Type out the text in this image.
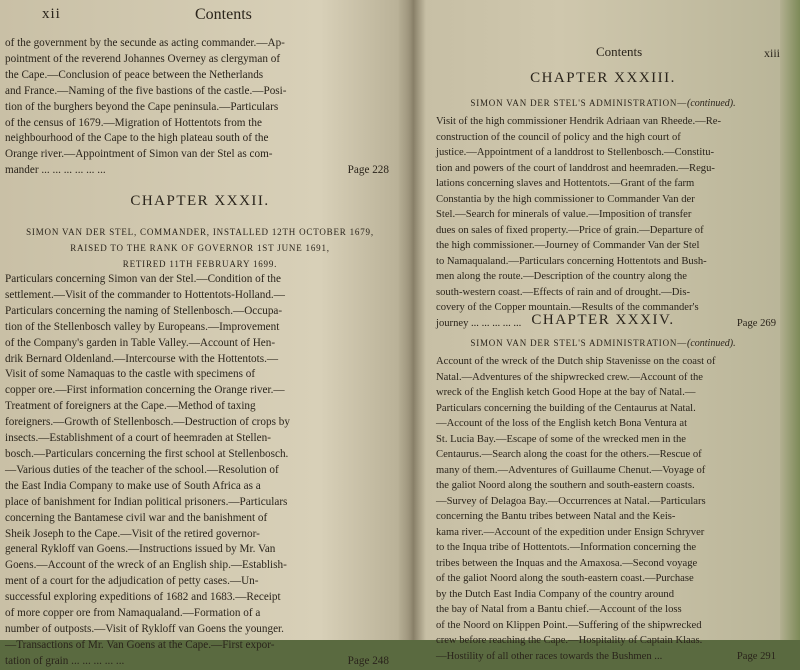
xii	Contents
of the government by the secunde as acting commander.—Ap-
pointment of the reverend Johannes Overney as clergyman of
the Cape.—Conclusion of peace between the Netherlands
and France.—Naming of the five bastions of the castle.—Posi-
tion of the burghers beyond the Cape peninsula.—Particulars
of the census of 1679.—Migration of Hottentots from the
neighbourhood of the Cape to the high plateau south of the
Orange river.—Appointment of Simon van der Stel as com-
Page 228
mander ... ... ... ... ... ...
CHAPTER XXXII.
SIMON VAN DER STEL, COMMANDER, INSTALLED 12TH OCTOBER 1679,
RAISED TO THE RANK OF GOVERNOR 1ST JUNE 1691,
RETIRED 11TH FEBRUARY 1699.
Particulars concerning Simon van der Stel.—Condition of the
settlement.—Visit of the commander to Hottentots-Holland.—
Particulars concerning the naming of Stellenbosch.—Occupa-
tion of the Stellenbosch valley by Europeans.—Improvement
of the Company's garden in Table Valley.—Account of Hen-
drik Bernard Oldenland.—Intercourse with the Hottentots.—
Visit of some Namaquas to the castle with specimens of
copper ore.—First information concerning the Orange river.—
Treatment of foreigners at the Cape.—Method of taxing
foreigners.—Growth of Stellenbosch.—Destruction of crops by
insects.—Establishment of a court of heemraden at Stellen-
bosch.—Particulars concerning the first school at Stellenbosch.
—Various duties of the teacher of the school.—Resolution of
the East India Company to make use of South Africa as a
place of banishment for Indian political prisoners.—Particulars
concerning the Bantamese civil war and the banishment of
Sheik Joseph to the Cape.—Visit of the retired governor-
general Rykloff van Goens.—Instructions issued by Mr. Van
Goens.—Account of the wreck of an English ship.—Establish-
ment of a court for the adjudication of petty cases.—Un-
successful exploring expeditions of 1682 and 1683.—Receipt
of more copper ore from Namaqualand.—Formation of a
number of outposts.—Visit of Rykloff van Goens the younger.
—Transactions of Mr. Van Goens at the Cape.—First expor-
Page 248
tation of grain ... ... ... ... ...
Contents	xiii
CHAPTER XXXIII.
SIMON VAN DER STEL'S ADMINISTRATION—(continued).
Visit of the high commissioner Hendrik Adriaan van Rheede.—Re-
construction of the council of policy and the high court of
justice.—Appointment of a landdrost to Stellenbosch.—Constitu-
tion and powers of the court of landdrost and heemraden.—Regu-
lations concerning slaves and Hottentots.—Grant of the farm
Constantia by the high commissioner to Commander Van der
Stel.—Search for minerals of value.—Imposition of transfer
dues on sales of fixed property.—Price of grain.—Departure of
the high commissioner.—Journey of Commander Van der Stel
to Namaqualand.—Particulars concerning Hottentots and Bush-
men along the route.—Description of the country along the
south-western coast.—Effects of rain and of drought.—Dis-
covery of the Copper mountain.—Results of the commander's
Page 269
journey ... ... ... ... ... CHAPTER XXXIV.
SIMON VAN DER STEL'S ADMINISTRATION—(continued).
Account of the wreck of the Dutch ship Stavenisse on the coast of
Natal.—Adventures of the shipwrecked crew.—Account of the
wreck of the English ketch Good Hope at the bay of Natal.—
Particulars concerning the building of the Centaurus at Natal.
—Account of the loss of the English ketch Bona Ventura at
St. Lucia Bay.—Escape of some of the wrecked men in the
Centaurus.—Search along the coast for the others.—Rescue of
many of them.—Adventures of Guillaume Chenut.—Voyage of
the galiot Noord along the southern and south-eastern coasts.
—Survey of Delagoa Bay.—Occurrences at Natal.—Particulars
concerning the Bantu tribes between Natal and the Keis-
kama river.—Account of the expedition under Ensign Schryver
to the Inqua tribe of Hottentots.—Information concerning the
tribes between the Inquas and the Amaxosa.—Second voyage
of the galiot Noord along the south-eastern coast.—Purchase
by the Dutch East India Company of the country around
the bay of Natal from a Bantu chief.—Account of the loss
of the Noord on Klippen Point.—Suffering of the shipwrecked
crew before reaching the Cape.—Hospitality of Captain Klaas.
Page 291
—Hostility of all other races towards the Bushmen ...
